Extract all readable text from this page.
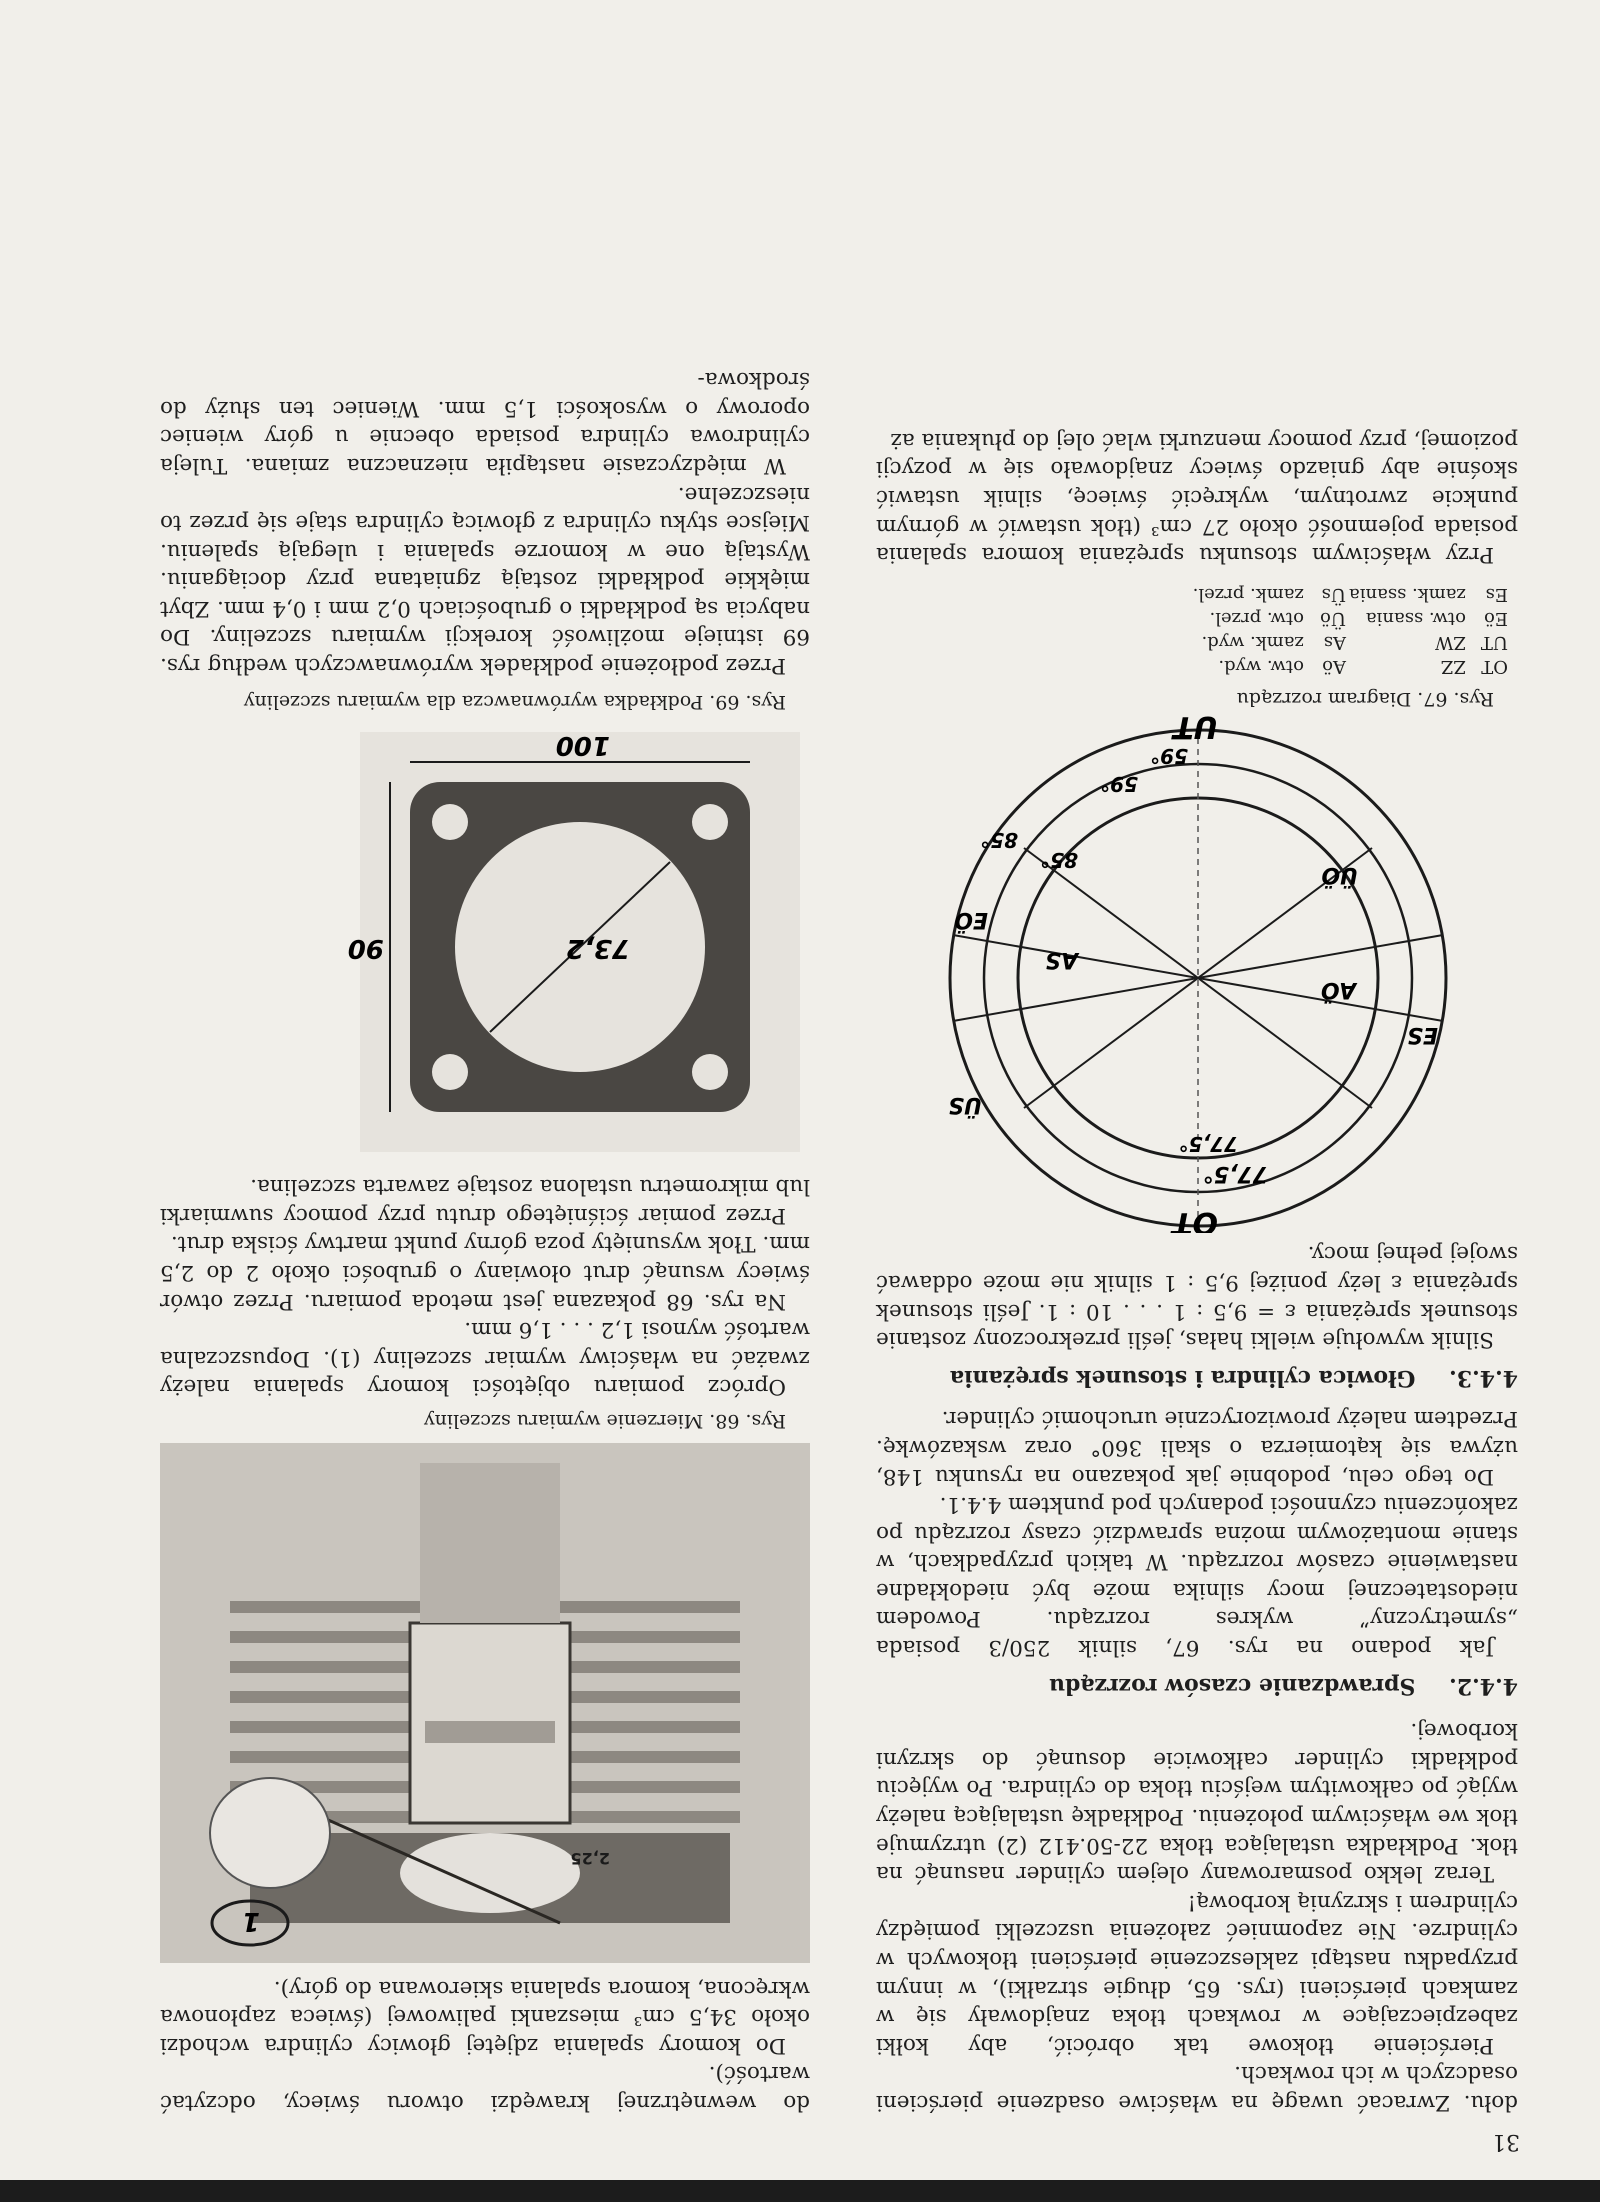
31

dołu. Zwracać uwagę na właściwe osadzenie pierścieni osadczych w ich rowkach.

Pierścienie tłokowe tak obrócić, aby kołki zabezpieczające w rowkach tłoka znajdowały się w zamkach pierścieni (rys. 65, długie strzałki), w innym przypadku nastąpi zakleszczenie pierścieni tłokowych w cylindrze. Nie zapomnieć założenia uszczelki pomiędzy cylindrem i skrzynią korbową!

Teraz lekko posmarowany olejem cylinder nasunąć na tłok. Podkładka ustalająca tłoka 22-50.412 (2) utrzymuje tłok we właściwym położeniu. Podkładkę ustalającą należy wyjąć po całkowitym wejściu tłoka do cylindra. Po wyjęciu podkładki cylinder całkowicie dosunąć do skrzyni korbowej.

4.4.2. Sprawdzanie czasów rozrządu

Jak podano na rys. 67, silnik 250/3 posiada „symetryczny” wykres rozrządu. Powodem niedostatecznej mocy silnika może być niedokładne nastawienie czasów rozrządu. W takich przypadkach, w stanie montażowym można sprawdzić czasy rozrządu po zakończeniu czynności podanych pod punktem 4.4.1.

Do tego celu, podobnie jak pokazano na rysunku 148, używa się kątomierza o skali 360° oraz wskazówkę. Przedtem należy prowizorycznie uruchomić cylinder.

4.4.3. Głowica cylindra i stosunek sprężania

Silnik wywołuje wielki hałas, jeśli przekroczony zostanie stosunek sprężania ε = 9,5 : 1 . . . 10 : 1. Jeśli stosunek sprężania ε leży poniżej 9,5 : 1 silnik nie może oddawać swojej pełnej mocy.

OT
UT
ES
EÖ
AÖ
AS
ÜÖ
ÜS
77,5°
77,5°
59°
59°
85°
85°

Rys. 67. Diagram rozrządu

OT
ZZ
Aö
otw. wyd.
UT
ZW
As
zamk. wyd.
Eö
otw. ssania
Üö
otw. przel.
Es
zamk. ssania
Üs
zamk. przel.

Przy właściwym stosunku sprężania komora spalania posiada pojemność około 27 cm³ (tłok ustawić w górnym punkcie zwrotnym, wykręcić świecę, silnik ustawić skośnie aby gniazdo świecy znajdowało się w pozycji poziomej, przy pomocy menzurki wlać olej do płukania aż

do wewnętrznej krawędzi otworu świecy, odczytać wartość).

Do komory spalania zdjętej głowicy cylindra wchodzi około 34,5 cm³ mieszanki paliwowej (świeca zapłonowa wkręcona, komora spalania skierowana do góry).

1
2,25

Rys. 68. Mierzenie wymiaru szczeliny

Oprócz pomiaru objętości komory spalania należy zważać na właściwy wymiar szczeliny (1). Dopuszczalna wartość wynosi 1,2 . . . 1,6 mm.

Na rys. 68 pokazana jest metoda pomiaru. Przez otwór świecy wsunąć drut ołowiany o grubości około 2 do 2,5 mm. Tłok wysunięty poza górny punkt martwy ściska drut.

Przez pomiar ściśniętego drutu przy pomocy suwmiarki lub mikrometru ustalona zostaje zawarta szczelina.

100
90	73,2

Rys. 69. Podkładka wyrównawcza dla wymiaru szczeliny

Przez podłożenie podkładek wyrównawczych według rys. 69 istnieje możliwość korekcji wymiaru szczeliny. Do nabycia są podkładki o grubościach 0,2 mm i 0,4 mm. Zbyt miękkie podkładki zostają zgniatana przy dociąganiu. Wystają one w komorze spalania i ulegają spaleniu. Miejsce styku cylindra z głowicą cylindra staje się przez to nieszczelne.

W międzyczasie nastąpiła nieznaczna zmiana. Tuleja cylindrowa cylindra posiada obecnie u góry wieniec oporowy o wysokości 1,5 mm. Wieniec ten służy do środkowa-
